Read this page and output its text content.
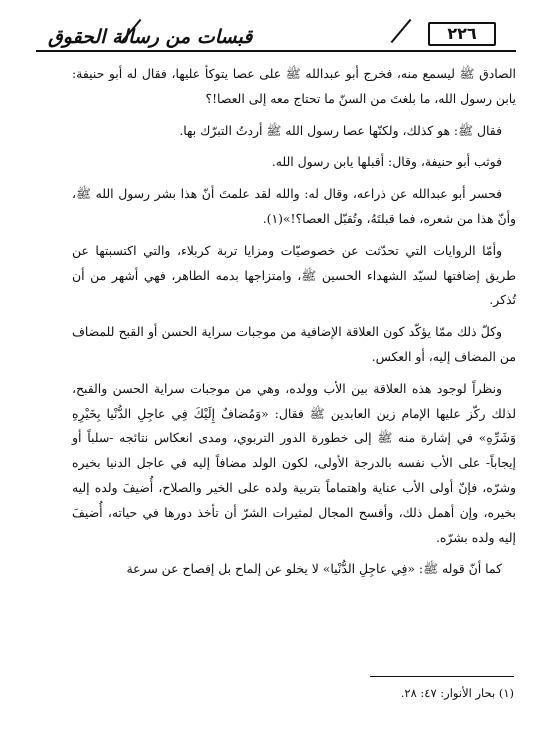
٢٢٦
قبسات من رسالة الحقوق

الصادق ﷺ ليسمع منه، فخرج أبو عبدالله ﷺ على عصا يتوكأ عليها، فقال له أبو حنيفة: يابن رسول الله، ما بلغتَ من السنّ ما تحتاج معه إلى العصا!؟

فقال ﷺ: هو كذلك، ولكنّها عصا رسول الله ﷺ أردتُ التبرّك بها.

فوثب أبو حنيفة، وقال: أقبلها يابن رسول الله.

فحسر أبو عبدالله عن ذراعه، وقال له: والله لقد علمتَ أنّ هذا بشر رسول الله ﷺ، وأنّ هذا من شعره، فما قبلتَهُ، وتُقبّل العصا؟!»(١).

وأمّا الروايات التي تحدّثت عن خصوصيّات ومزايا تربة كربلاء، والتي اكتسبتها عن طريق إضافتها لسيّد الشهداء الحسين ﷺ، وامتزاجها بدمه الطاهر، فهي أشهر من أن تُذكر.

وكلّ ذلك ممّا يؤكّد كون العلاقة الإضافية من موجبات سراية الحسن أو القبح للمضاف من المضاف إليه، أو العكس.

ونظراً لوجود هذه العلاقة بين الأب وولده، وهي من موجبات سراية الحسن والقبح، لذلك ركّز عليها الإمام زين العابدين ﷺ فقال: «وَمُضافٌ إِلَيْكَ فِي عاجِلِ الدُّنْيا بِخَيْرِهِ وَشَرِّهِ» في إشارة منه ﷺ إلى خطورة الدور التربوي، ومدى انعكاس نتائجه -سلباً أو إيجاباً- على الأب نفسه بالدرجة الأولى، لكون الولد مضافاً إليه في عاجل الدنيا بخيره وشرّه، فإنّ أولى الأب عناية واهتماماً بتربية ولده على الخير والصلاح، أُضيفَ ولده إليه بخيره، وإن أهمل ذلك، وأفسح المجال لمثيرات الشرّ أن تأخذ دورها في حياته، أُضيفَ إليه ولده بشرّه.

كما أنّ قوله ﷺ: «فِي عاجِلِ الدُّنْيا» لا يخلو عن إلماح بل إفصاح عن سرعة

(١) بحار الأنوار: ٤٧: ٢٨.
